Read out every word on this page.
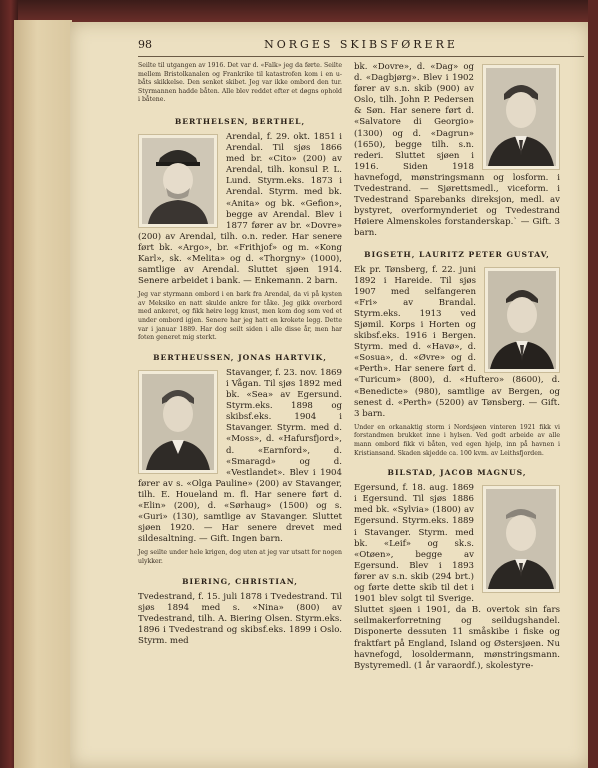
98	NORGES SKIBSFØRERE

Seilte til utgangen av 1916. Det var d. «Falk» jeg da førte. Seilte mellem Bristolkanalen og Frankrike til katastrofen kom i en u-båts skikkelse. Den senket skibet. Jeg var ikke ombord den tur. Styrmannen hadde båten. Alle blev reddet efter et døgns ophold i båtene.

BERTHELSEN, BERTHEL,

Arendal, f. 29. okt. 1851 i Arendal. Til sjøs 1866 med br. «Cito» (200) av Arendal, tilh. konsul P. L. Lund. Styrm.eks. 1873 i Arendal. Styrm. med bk. «Anita» og bk. «Gefion», begge av Arendal. Blev i 1877 fører av br. «Dovre» (200) av Arendal, tilh. o.n. reder. Har senere ført bk. «Argo», br. «Frithjof» og m. «Kong Karl», sk. «Melita» og d. «Thorgny» (1000), samtlige av Arendal. Sluttet sjøen 1914. Senere arbeidet i bank. — Enkemann. 2 barn.

Jeg var styrmann ombord i en bark fra Arendal, da vi på kysten av Meksiko en natt skulde ankre for tåke. Jeg gikk overbord med ankeret, og fikk høire legg knust, men kom dog som ved et under ombord igjen. Senere har jeg hatt en krokete legg. Dette var i januar 1889. Har dog seilt siden i alle disse år, men har foten generet mig sterkt.

BERTHEUSSEN, JONAS HARTVIK,

Stavanger, f. 23. nov. 1869 i Vågan. Til sjøs 1892 med bk. «Sea» av Egersund. Styrm.eks. 1898 og skibsf.eks. 1904 i Stavanger. Styrm. med d. «Moss», d. «Hafursfjord», d. «Earnford», d. «Smaragd» og d. «Vestlandet». Blev i 1904 fører av s. «Olga Pauline» (200) av Stavanger, tilh. E. Houeland m. fl. Har senere ført d. «Elin» (200), d. «Sørhaug» (1500) og s. «Guri» (130), samtlige av Stavanger. Sluttet sjøen 1920. — Har senere drevet med sildesaltning. — Gift. Ingen barn.

Jeg seilte under hele krigen, dog uten at jeg var utsatt for nogen ulykker.

BIERING, CHRISTIAN,

Tvedestrand, f. 15. juli 1878 i Tvedestrand. Til sjøs 1894 med s. «Nina» (800) av Tvedestrand, tilh. A. Biering Olsen. Styrm.eks. 1896 i Tvedestrand og skibsf.eks. 1899 i Oslo. Styrm. med

bk. «Dovre», d. «Dag» og d. «Dagbjørg». Blev i 1902 fører av s.n. skib (900) av Oslo, tilh. John P. Pedersen & Søn. Har senere ført d. «Salvatore di Georgio» (1300) og d. «Dagrun» (1650), begge tilh. s.n. rederi. Sluttet sjøen i 1916. Siden 1918 havnefogd, mønstringsmann og losform. i Tvedestrand. — Sjørettsmedl., viceform. i Tvedestrand Sparebanks direksjon, medl. av bystyret, overformynderiet og Tvedestrand Høiere Almenskoles forstanderskap.` — Gift. 3 barn.

BIGSETH, LAURITZ PETER GUSTAV,

Ek pr. Tønsberg, f. 22. juni 1892 i Hareide. Til sjøs 1907 med selfangeren «Fri» av Brandal. Styrm.eks. 1913 ved Sjømil. Korps i Horten og skibsf.eks. 1916 i Bergen. Styrm. med d. «Havø», d. «Sosua», d. «Øvre» og d. «Perth». Har senere ført d. «Turicum» (800), d. «Huftero» (8600), d. «Benedicte» (980), samtlige av Bergen, og senest d. «Perth» (5200) av Tønsberg. — Gift. 3 barn.

Under en orkanaktig storm i Nordsjøen vinteren 1921 fikk vi forstandmen brukket inne i hylsen. Ved godt arbeide av alle mann ombord fikk vi båten, ved egen hjelp, inn på havnen i Kristiansand. Skaden skjedde ca. 100 kvm. av Leithsfjorden.

BILSTAD, JACOB MAGNUS,

Egersund, f. 18. aug. 1869 i Egersund. Til sjøs 1886 med bk. «Sylvia» (1800) av Egersund. Styrm.eks. 1889 i Stavanger. Styrm. med bk. «Leif» og sk.s. «Otøen», begge av Egersund. Blev i 1893 fører av s.n. skib (294 brt.) og førte dette skib til det i 1901 blev solgt til Sverige. Sluttet sjøen i 1901, da B. overtok sin fars seilmakerforretning og seildugshandel. Disponerte dessuten 11 småskibe i fiske og fraktfart på England, Island og Østersjøen. Nu havnefogd, losoldermann, mønstringsmann. Bystyremedl. (1 år varaordf.), skolestyre-
